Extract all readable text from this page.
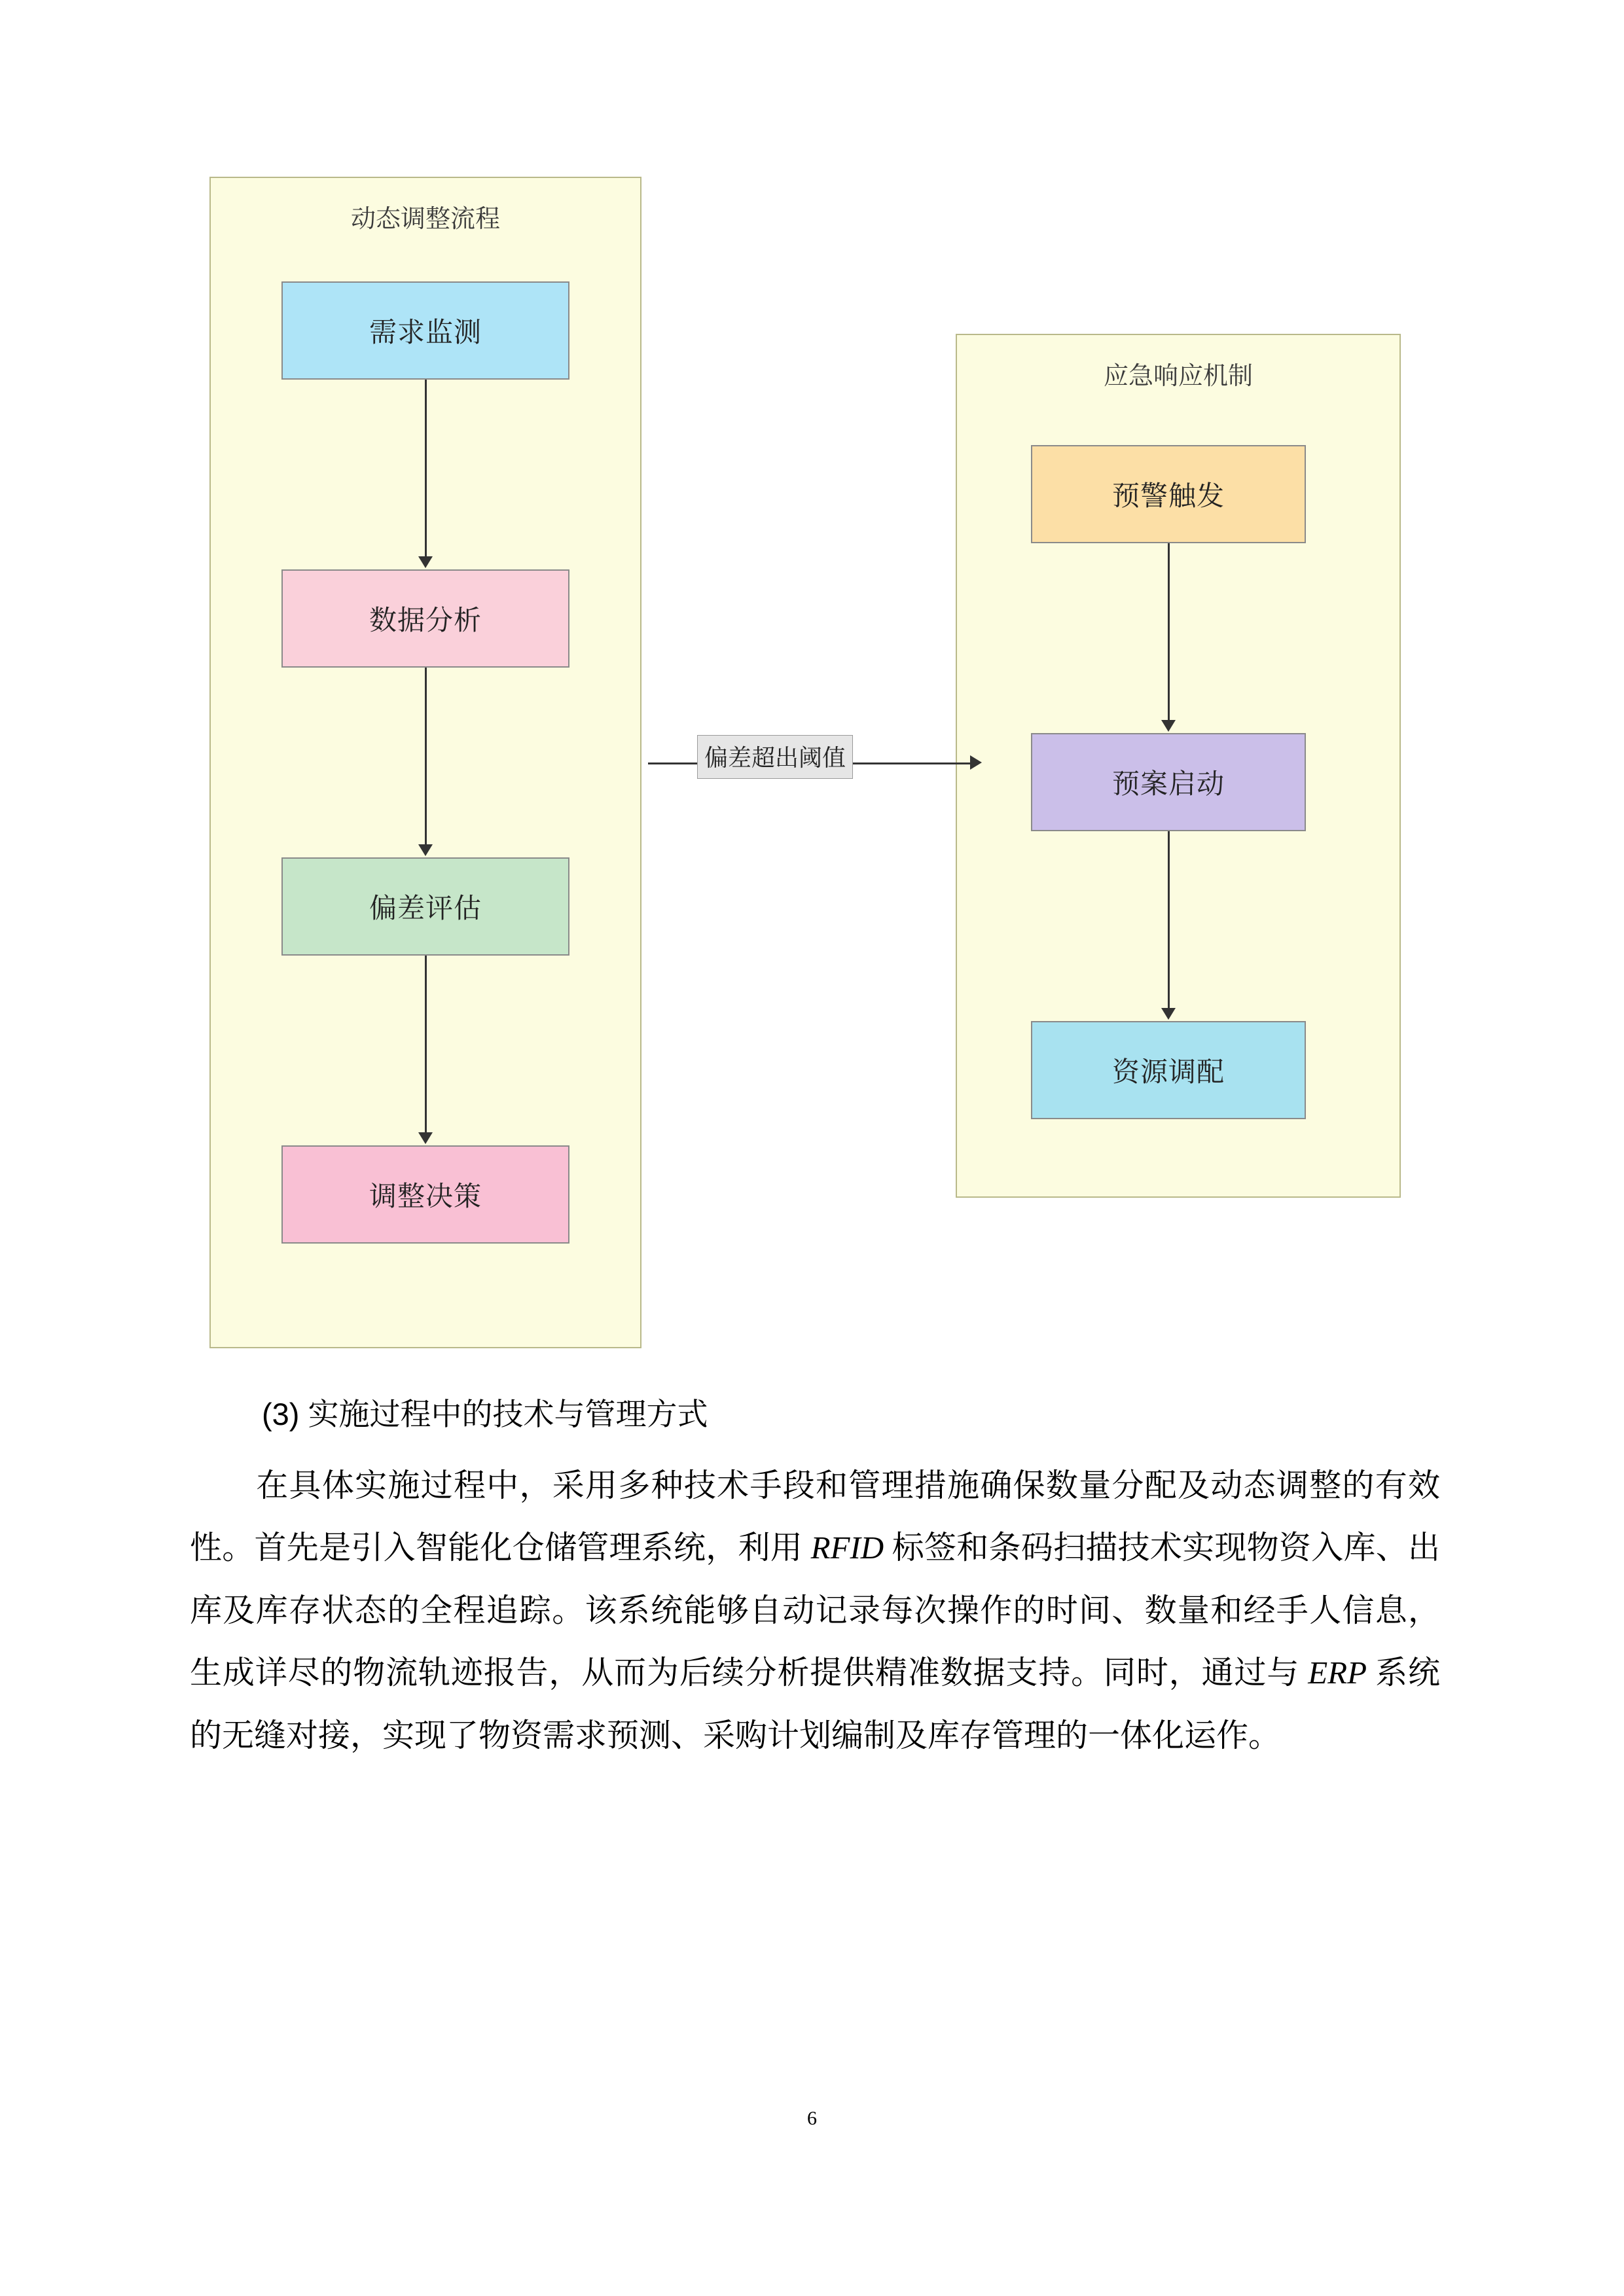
动态调整流程
应急响应机制
需求监测
数据分析
偏差评估
调整决策
偏差超出阈值
预警触发
预案启动
资源调配

(3) 实施过程中的技术与管理方式

在具体实施过程中，采用多种技术手段和管理措施确保数量分配及动态调整的有效性。首先是引入智能化仓储管理系统，利用 RFID 标签和条码扫描技术实现物资入库、出库及库存状态的全程追踪。该系统能够自动记录每次操作的时间、数量和经手人信息，生成详尽的物流轨迹报告，从而为后续分析提供精准数据支持。同时，通过与 ERP 系统的无缝对接，实现了物资需求预测、采购计划编制及库存管理的一体化运作。

6
